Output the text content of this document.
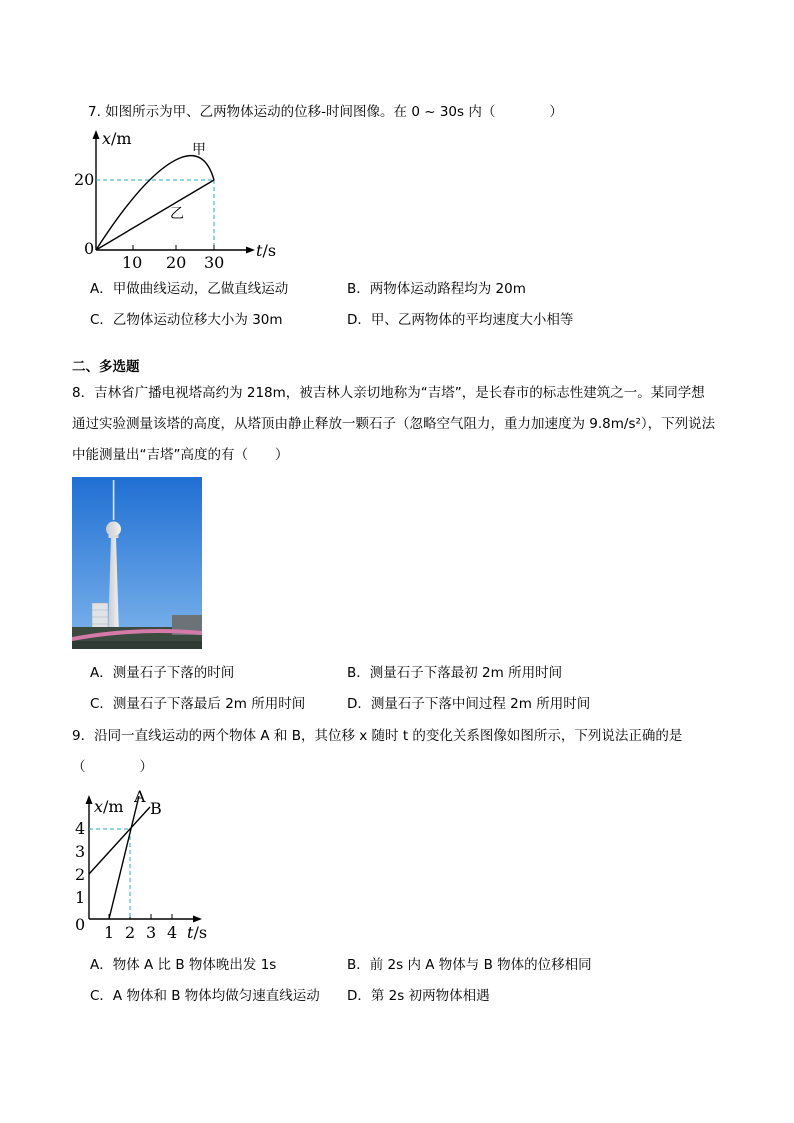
7. 如图所示为甲、乙两物体运动的位移-时间图像。在 0 ~ 30s 内（　　　　）
x/m
20
0
10 20 30
t/s
甲
乙
A．甲做曲线运动，乙做直线运动	B．两物体运动路程均为 20m
C．乙物体运动位移大小为 30m	D．甲、乙两物体的平均速度大小相等
二、多选题
8．吉林省广播电视塔高约为 218m，被吉林人亲切地称为“吉塔”，是长春市的标志性建筑之一。某同学想
通过实验测量该塔的高度，从塔顶由静止释放一颗石子（忽略空气阻力，重力加速度为 9.8m/s²），下列说法
中能测量出“吉塔”高度的有（　　）
A．测量石子下落的时间	B．测量石子下落最初 2m 所用时间
C．测量石子下落最后 2m 所用时间	D．测量石子下落中间过程 2m 所用时间
9．沿同一直线运动的两个物体 A 和 B，其位移 x 随时 t 的变化关系图像如图所示，下列说法正确的是
（　　　　）
x/m
A
B
4
3
2
1
0 1 2 3 4 t/s
A．物体 A 比 B 物体晚出发 1s	B．前 2s 内 A 物体与 B 物体的位移相同
C．A 物体和 B 物体均做匀速直线运动 D．第 2s 初两物体相遇
